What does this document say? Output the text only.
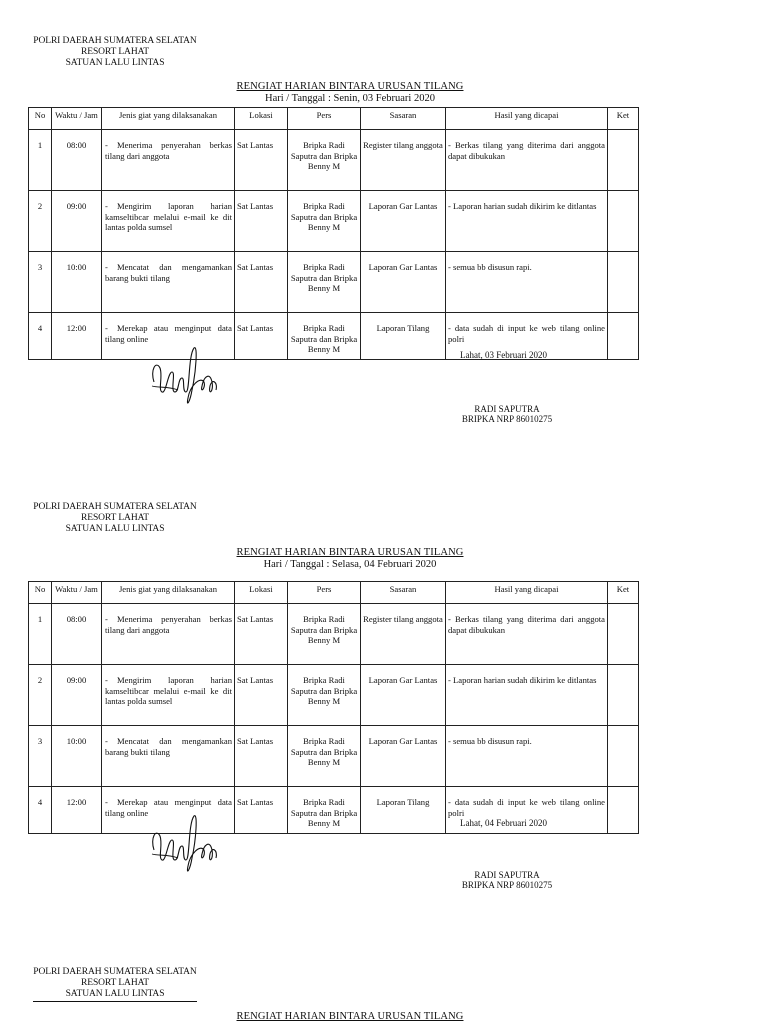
POLRI DAERAH SUMATERA SELATAN
RESORT LAHAT
SATUAN LALU LINTAS
RENGIAT HARIAN BINTARA URUSAN TILANG
Hari / Tanggal : Senin, 03 Februari 2020
No	Waktu / Jam	Jenis giat yang dilaksanakan	Lokasi	Pers	Sasaran	Hasil yang dicapai	Ket
1	08:00	- Menerima penyerahan berkas tilang dari anggota	Sat Lantas	Bripka Radi Saputra dan Bripka Benny M	Register tilang anggota	- Berkas tilang yang diterima dari anggota dapat dibukukan	
2	09:00	- Mengirim laporan harian kamseltibcar melalui e-mail ke dit lantas polda sumsel	Sat Lantas	Bripka Radi Saputra dan Bripka Benny M	Laporan Gar Lantas	- Laporan harian sudah dikirim ke ditlantas	
3	10:00	- Mencatat dan mengamankan barang bukti tilang	Sat Lantas	Bripka Radi Saputra dan Bripka Benny M	Laporan Gar Lantas	- semua bb disusun rapi.	
4	12:00	- Merekap atau menginput data tilang online	Sat Lantas	Bripka Radi Saputra dan Bripka Benny M	Laporan Tilang	- data sudah di input ke web tilang online polri	
Lahat, 03 Februari 2020
RADI SAPUTRA
BRIPKA NRP 86010275
POLRI DAERAH SUMATERA SELATAN
RESORT LAHAT
SATUAN LALU LINTAS
RENGIAT HARIAN BINTARA URUSAN TILANG
Hari / Tanggal : Selasa, 04 Februari 2020
No	Waktu / Jam	Jenis giat yang dilaksanakan	Lokasi	Pers	Sasaran	Hasil yang dicapai	Ket
1	08:00	- Menerima penyerahan berkas tilang dari anggota	Sat Lantas	Bripka Radi Saputra dan Bripka Benny M	Register tilang anggota	- Berkas tilang yang diterima dari anggota dapat dibukukan	
2	09:00	- Mengirim laporan harian kamseltibcar melalui e-mail ke dit lantas polda sumsel	Sat Lantas	Bripka Radi Saputra dan Bripka Benny M	Laporan Gar Lantas	- Laporan harian sudah dikirim ke ditlantas	
3	10:00	- Mencatat dan mengamankan barang bukti tilang	Sat Lantas	Bripka Radi Saputra dan Bripka Benny M	Laporan Gar Lantas	- semua bb disusun rapi.	
4	12:00	- Merekap atau menginput data tilang online	Sat Lantas	Bripka Radi Saputra dan Bripka Benny M	Laporan Tilang	- data sudah di input ke web tilang online polri	
Lahat, 04 Februari 2020
RADI SAPUTRA
BRIPKA NRP 86010275
POLRI DAERAH SUMATERA SELATAN
RESORT LAHAT
SATUAN LALU LINTAS
RENGIAT HARIAN BINTARA URUSAN TILANG
